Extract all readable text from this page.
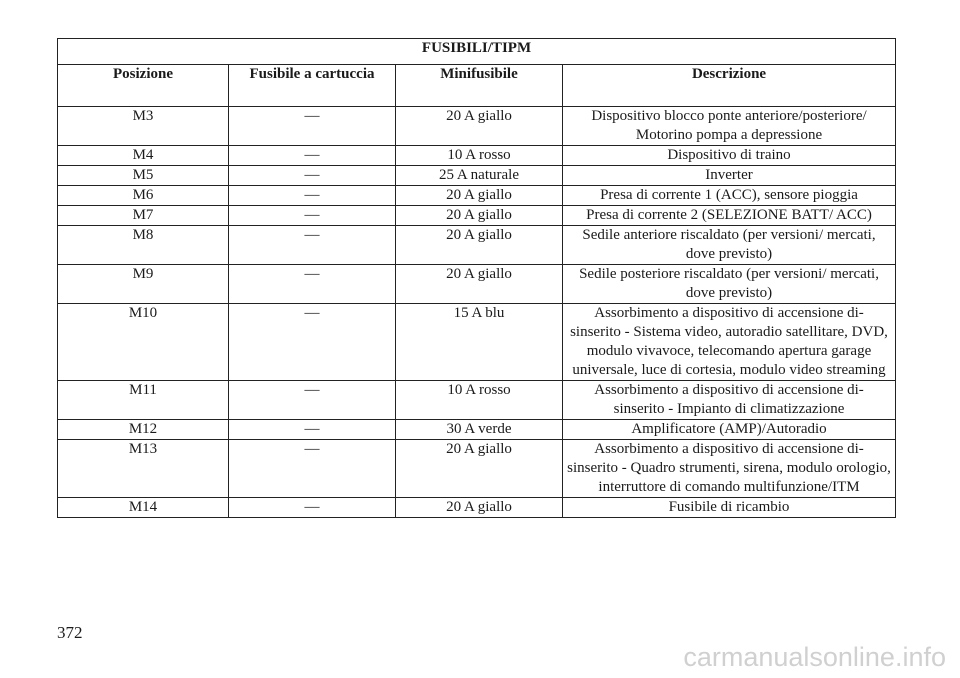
FUSIBILI/TIPM			
Posizione	Fusibile a cartuccia	Minifusibile	Descrizione
M3	—	20 A giallo	Dispositivo blocco ponte anteriore/posteriore/ Motorino pompa a depressione
M4	—	10 A rosso	Dispositivo di traino
M5	—	25 A naturale	Inverter
M6	—	20 A giallo	Presa di corrente 1 (ACC), sensore pioggia
M7	—	20 A giallo	Presa di corrente 2 (SELEZIONE BATT/ ACC)
M8	—	20 A giallo	Sedile anteriore riscaldato (per versioni/ mercati, dove previsto)
M9	—	20 A giallo	Sedile posteriore riscaldato (per versioni/ mercati, dove previsto)
M10	—	15 A blu	Assorbimento a dispositivo di accensione di- sinserito - Sistema video, autoradio satellitare, DVD, modulo vivavoce, telecomando apertura garage universale, luce di cortesia, modulo video streaming
M11	—	10 A rosso	Assorbimento a dispositivo di accensione di- sinserito - Impianto di climatizzazione
M12	—	30 A verde	Amplificatore (AMP)/Autoradio
M13	—	20 A giallo	Assorbimento a dispositivo di accensione di- sinserito - Quadro strumenti, sirena, modulo orologio, interruttore di comando multifunzione/ITM
M14	—	20 A giallo	Fusibile di ricambio
372
carmanualsonline.info
